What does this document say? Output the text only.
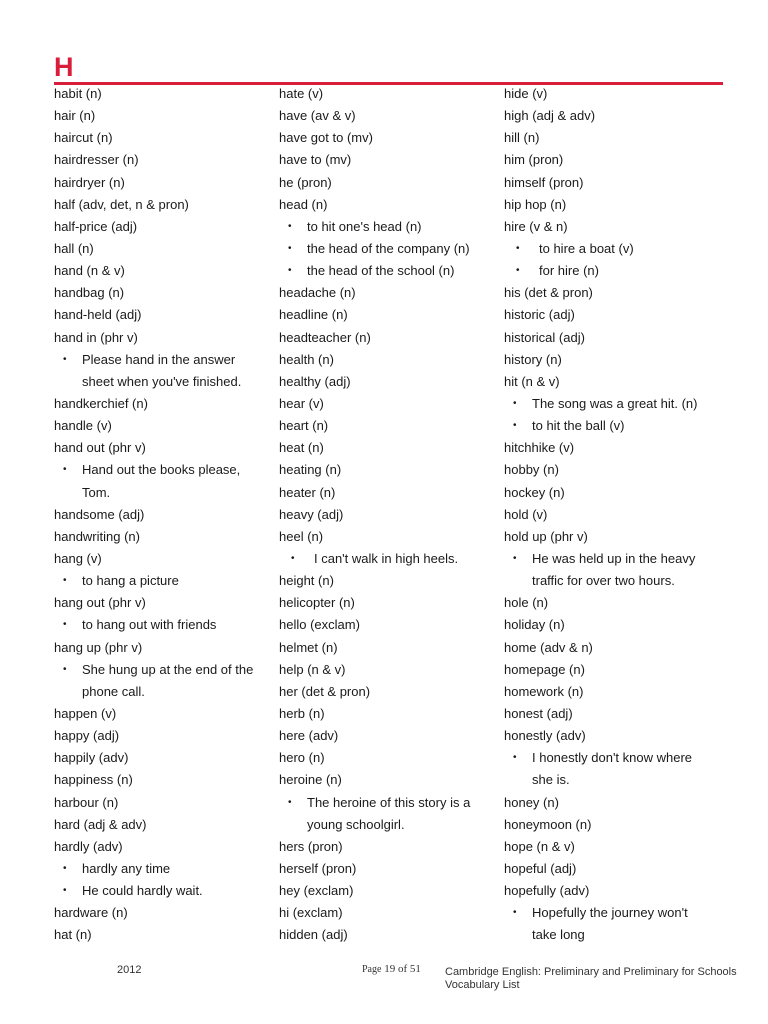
H
habit (n)
hair (n)
haircut (n)
hairdresser (n)
hairdryer (n)
half (adv, det, n & pron)
half-price (adj)
hall (n)
hand (n & v)
handbag (n)
hand-held (adj)
hand in (phr v)
• Please hand in the answer
sheet when you've finished.
handkerchief (n)
handle (v)
hand out (phr v)
• Hand out the books please,
Tom.
handsome (adj)
handwriting (n)
hang (v)
• to hang a picture
hang out (phr v)
• to hang out with friends
hang up (phr v)
• She hung up at the end of the
phone call.
happen (v)
happy (adj)
happily (adv)
happiness (n)
harbour (n)
hard (adj & adv)
hardly (adv)
• hardly any time
• He could hardly wait.
hardware (n)
hat (n)
hate (v)
have (av & v)
have got to (mv)
have to (mv)
he (pron)
head (n)
• to hit one's head (n)
• the head of the company (n)
• the head of the school (n)
headache (n)
headline (n)
headteacher (n)
health (n)
healthy (adj)
hear (v)
heart (n)
heat (n)
heating (n)
heater (n)
heavy (adj)
heel (n)
• I can't walk in high heels.
height (n)
helicopter (n)
hello (exclam)
helmet (n)
help (n & v)
her (det & pron)
herb (n)
here (adv)
hero (n)
heroine (n)
• The heroine of this story is a
young schoolgirl.
hers (pron)
herself (pron)
hey (exclam)
hi (exclam)
hidden (adj)
hide (v)
high (adj & adv)
hill (n)
him (pron)
himself (pron)
hip hop (n)
hire (v & n)
• to hire a boat (v)
• for hire (n)
his (det & pron)
historic (adj)
historical (adj)
history (n)
hit (n & v)
• The song was a great hit. (n)
• to hit the ball (v)
hitchhike (v)
hobby (n)
hockey (n)
hold (v)
hold up (phr v)
• He was held up in the heavy
traffic for over two hours.
hole (n)
holiday (n)
home (adv & n)
homepage (n)
homework (n)
honest (adj)
honestly (adv)
• I honestly don't know where
she is.
honey (n)
honeymoon (n)
hope (n & v)
hopeful (adj)
hopefully (adv)
• Hopefully the journey won't
take long
2012	Page 19 of 51 Cambridge English: Preliminary and Preliminary for Schools
Vocabulary List
